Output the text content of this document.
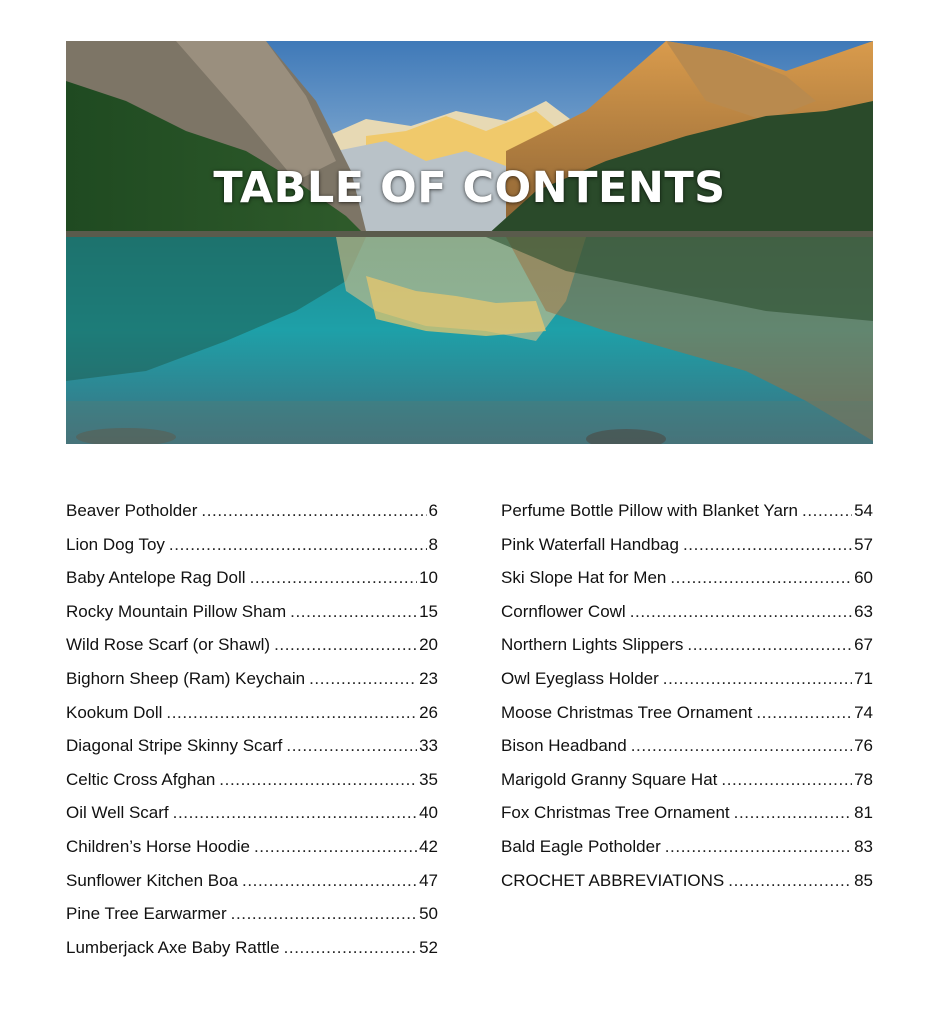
TABLE OF CONTENTS
Beaver Potholder .....	6
Lion Dog Toy .....	8
Baby Antelope Rag Doll .....	10
Rocky Mountain Pillow Sham .....	15
Wild Rose Scarf (or Shawl) .....	20
Bighorn Sheep (Ram) Keychain .....	23
Kookum Doll .....	26
Diagonal Stripe Skinny Scarf .....	33
Celtic Cross Afghan .....	35
Oil Well Scarf .....	40
Children’s Horse Hoodie .....	42
Sunflower Kitchen Boa .....	47
Pine Tree Earwarmer .....	50
Lumberjack Axe Baby Rattle .....	52
Perfume Bottle Pillow with Blanket Yarn .....	54
Pink Waterfall Handbag .....	57
Ski Slope Hat for Men .....	60
Cornflower Cowl .....	63
Northern Lights Slippers .....	67
Owl Eyeglass Holder .....	71
Moose Christmas Tree Ornament .....	74
Bison Headband .....	76
Marigold Granny Square Hat .....	78
Fox Christmas Tree Ornament .....	81
Bald Eagle Potholder .....	83
CROCHET ABBREVIATIONS .....	85
